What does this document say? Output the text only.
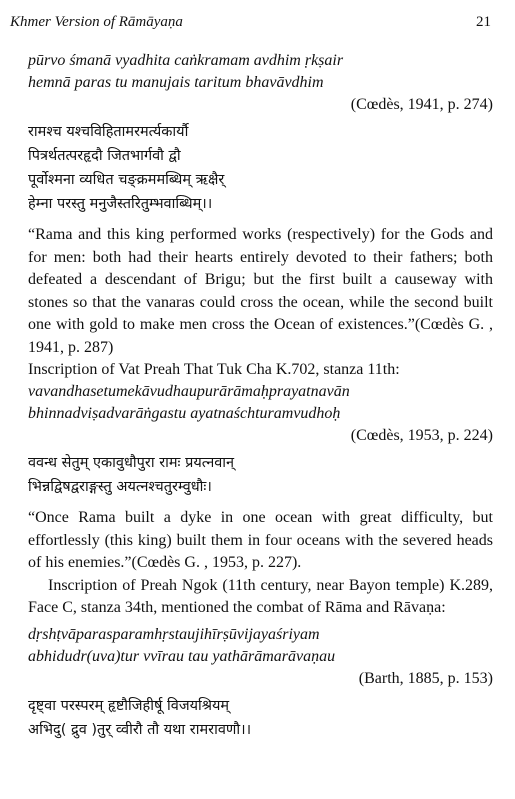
Khmer Version of Rāmāyaṇa	21
pūrvo śmanā vyadhita caṅkramam avdhim ṛkṣair
hemnā paras tu manujais taritum bhavāvdhim
(Cœdès, 1941, p. 274)
रामश्च यश्चविहितामरमर्त्यकार्यौ
पित्रर्थतत्परहृदौ जितभार्गवौ द्वौ
पूर्वोश्मना व्यधित चङ्क्रममब्धिम् ऋक्षैर्
हेम्ना परस्तु मनुजैस्तरितुम्भवाब्धिम्।।
“Rama and this king performed works (respectively) for the Gods and for men: both had their hearts entirely devoted to their fathers; both defeated a descendant of Brigu; but the first built a causeway with stones so that the vanaras could cross the ocean, while the second built one with gold to make men cross the Ocean of existences.”(Cœdès G. , 1941, p. 287)
Inscription of Vat Preah That Tuk Cha K.702, stanza 11th:
vavandhasetumekāvudhaupurārāmaḥprayatnavān
bhinnadviṣadvarāṅgastu ayatnaśchturamvudhoḥ
(Cœdès, 1953, p. 224)
ववन्ध सेतुम् एकावुधौपुरा रामः प्रयत्नवान्
भिन्नद्विषद्वराङ्गस्तु अयत्नश्चतुरम्वुधौः।
“Once Rama built a dyke in one ocean with great difficulty, but effortlessly (this king) built them in four oceans with the severed heads of his enemies.”(Cœdès G. , 1953, p. 227).
Inscription of Preah Ngok (11th century, near Bayon temple) K.289, Face C, stanza 34th, mentioned the combat of Rāma and Rāvaṇa:
dṛshṭvāparasparamhṛstaujihīrṣūvijayaśriyam
abhidudr(uva)tur vvīrau tau yathārāmarāvaṇau
(Barth, 1885, p. 153)
दृष्ट्वा परस्परम् हृष्टौजिहीर्षू विजयश्रियम्
अभिदु( द्रुव )तुर् व्वीरौ तौ यथा रामरावणौ।।
